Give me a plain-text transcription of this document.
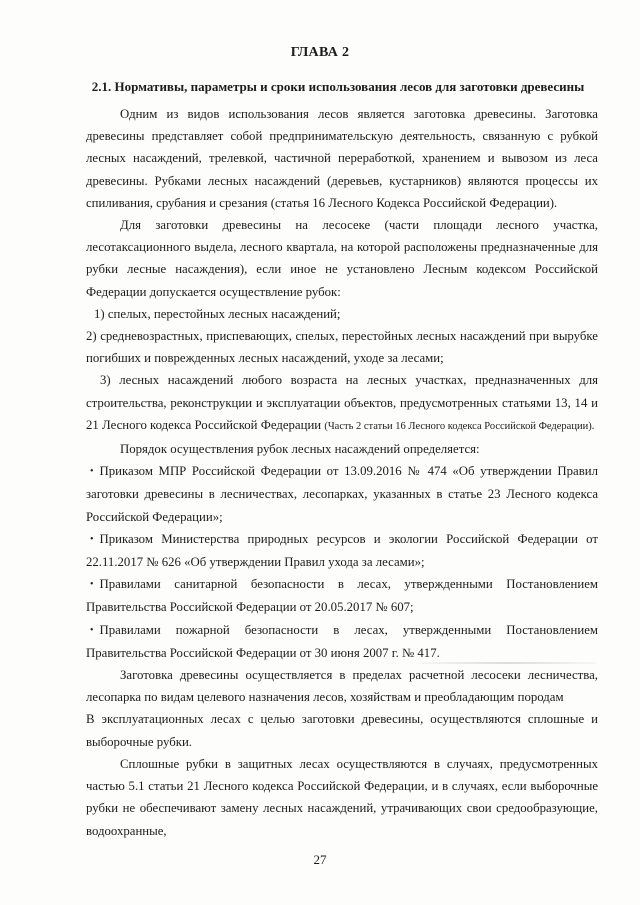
ГЛАВА 2
2.1. Нормативы, параметры и сроки использования лесов для заготовки древесины

Одним из видов использования лесов является заготовка древесины. Заготовка древесины представляет собой предпринимательскую деятельность, связанную с рубкой лесных насаждений, трелевкой, частичной переработкой, хранением и вывозом из леса древесины. Рубками лесных насаждений (деревьев, кустарников) являются процессы их спиливания, срубания и срезания (статья 16 Лесного Кодекса Российской Федерации).

Для заготовки древесины на лесосеке (части площади лесного участка, лесотаксационного выдела, лесного квартала, на которой расположены предназначенные для рубки лесные насаждения), если иное не установлено Лесным кодексом Российской Федерации допускается осуществление рубок:

1) спелых, перестойных лесных насаждений;

2) средневозрастных, приспевающих, спелых, перестойных лесных насаждений при вырубке погибших и поврежденных лесных насаждений, уходе за лесами;

3) лесных насаждений любого возраста на лесных участках, предназначенных для строительства, реконструкции и эксплуатации объектов, предусмотренных статьями 13, 14 и 21 Лесного кодекса Российской Федерации (Часть 2 статьи 16 Лесного кодекса Российской Федерации).

Порядок осуществления рубок лесных насаждений определяется:

• Приказом МПР Российской Федерации от 13.09.2016 № 474 «Об утверждении Правил заготовки древесины в лесничествах, лесопарках, указанных в статье 23 Лесного кодекса Российской Федерации»;

• Приказом Министерства природных ресурсов и экологии Российской Федерации от 22.11.2017 № 626 «Об утверждении Правил ухода за лесами»;

• Правилами санитарной безопасности в лесах, утвержденными Постановлением Правительства Российской Федерации от 20.05.2017 № 607;

• Правилами пожарной безопасности в лесах, утвержденными Постановлением Правительства Российской Федерации от 30 июня 2007 г. № 417.

Заготовка древесины осуществляется в пределах расчетной лесосеки лесничества, лесопарка по видам целевого назначения лесов, хозяйствам и преобладающим породам

В эксплуатационных лесах с целью заготовки древесины, осуществляются сплошные и выборочные рубки.

Сплошные рубки в защитных лесах осуществляются в случаях, предусмотренных частью 5.1 статьи 21 Лесного кодекса Российской Федерации, и в случаях, если выборочные рубки не обеспечивают замену лесных насаждений, утрачивающих свои средообразующие, водоохранные,

27
